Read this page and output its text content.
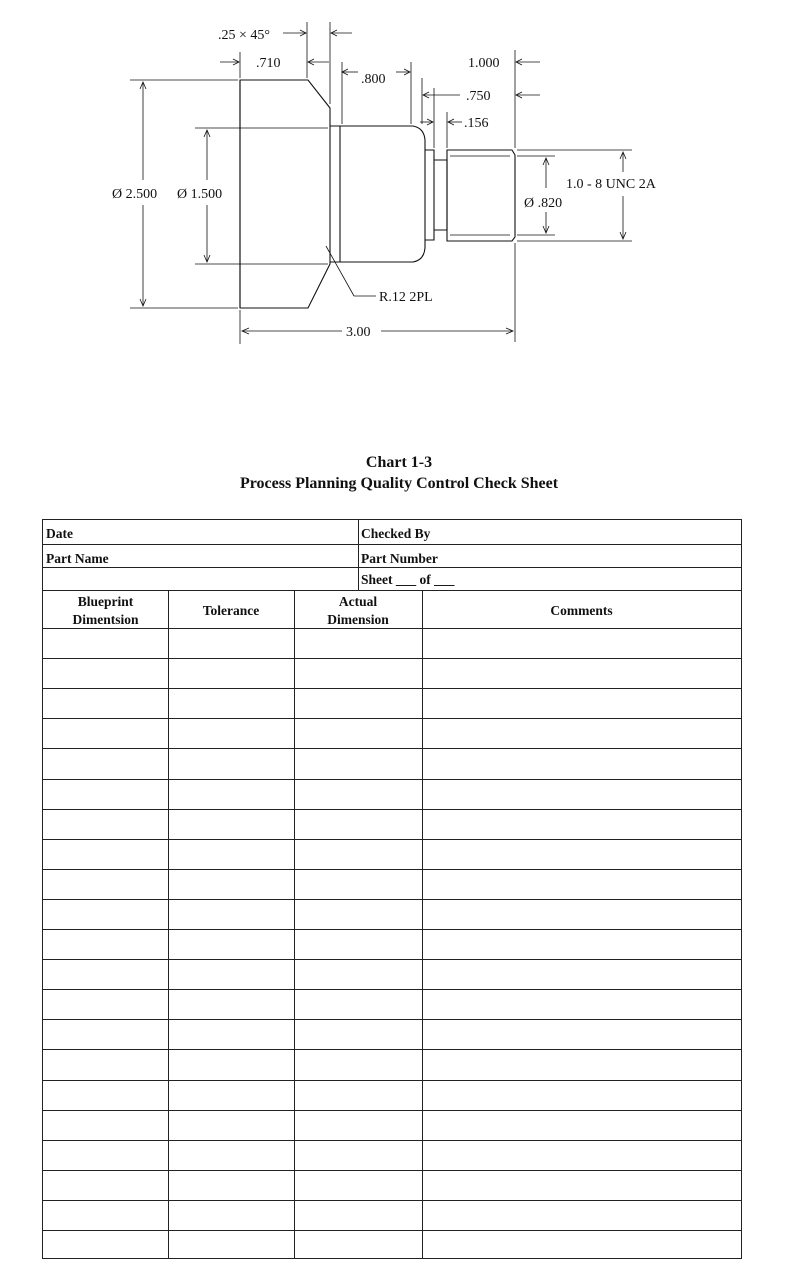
.25 × 45°
.710
.800
1.000
.750
.156
Ø 2.500 Ø 1.500
1.0 - 8 UNC 2A
Ø .820
R.12 2PL
3.00
Chart 1-3
Process Planning Quality Control Check Sheet
Date
Part Name
Checked By
Part Number
Sheet ___ of ___
Blueprint
Dimentsion
Tolerance
Actual
Dimension
Comments
